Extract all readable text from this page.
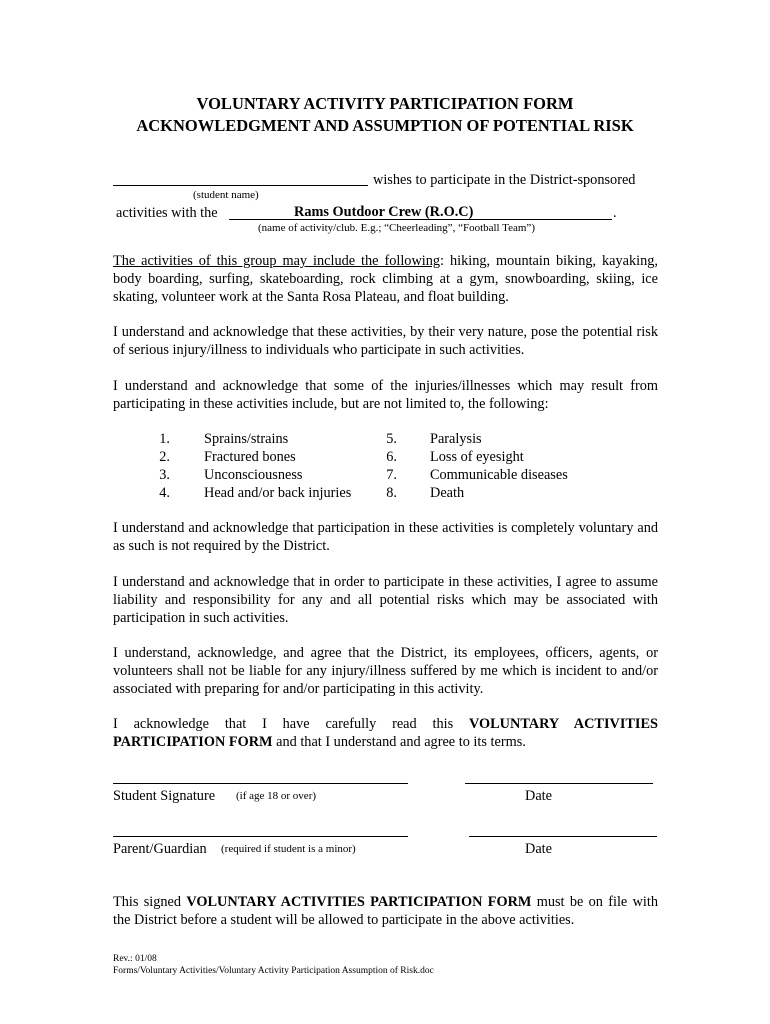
VOLUNTARY ACTIVITY PARTICIPATION FORM
ACKNOWLEDGMENT AND ASSUMPTION OF POTENTIAL RISK
wishes to participate in the District-sponsored
(student name)
activities with the	Rams Outdoor Crew (R.O.C)	.
(name of activity/club. E.g.; “Cheerleading”, “Football Team”)
The activities of this group may include the following: hiking, mountain biking, kayaking, body boarding, surfing, skateboarding, rock climbing at a gym, snowboarding, skiing, ice skating, volunteer work at the Santa Rosa Plateau, and float building.
I understand and acknowledge that these activities, by their very nature, pose the potential risk of serious injury/illness to individuals who participate in such activities.
I understand and acknowledge that some of the injuries/illnesses which may result from participating in these activities include, but are not limited to, the following:
1. Sprains/strains
2. Fractured bones
3. Unconsciousness
4. Head and/or back injuries
5. Paralysis
6. Loss of eyesight
7. Communicable diseases
8. Death
I understand and acknowledge that participation in these activities is completely voluntary and as such is not required by the District.
I understand and acknowledge that in order to participate in these activities, I agree to assume liability and responsibility for any and all potential risks which may be associated with participation in such activities.
I understand, acknowledge, and agree that the District, its employees, officers, agents, or volunteers shall not be liable for any injury/illness suffered by me which is incident to and/or associated with preparing for and/or participating in this activity.
I acknowledge that I have carefully read this VOLUNTARY ACTIVITIES PARTICIPATION FORM and that I understand and agree to its terms.
Student Signature (if age 18 or over)	Date
Parent/Guardian (required if student is a minor)	Date
This signed VOLUNTARY ACTIVITIES PARTICIPATION FORM must be on file with the District before a student will be allowed to participate in the above activities.
Rev.: 01/08
Forms/Voluntary Activities/Voluntary Activity Participation Assumption of Risk.doc
